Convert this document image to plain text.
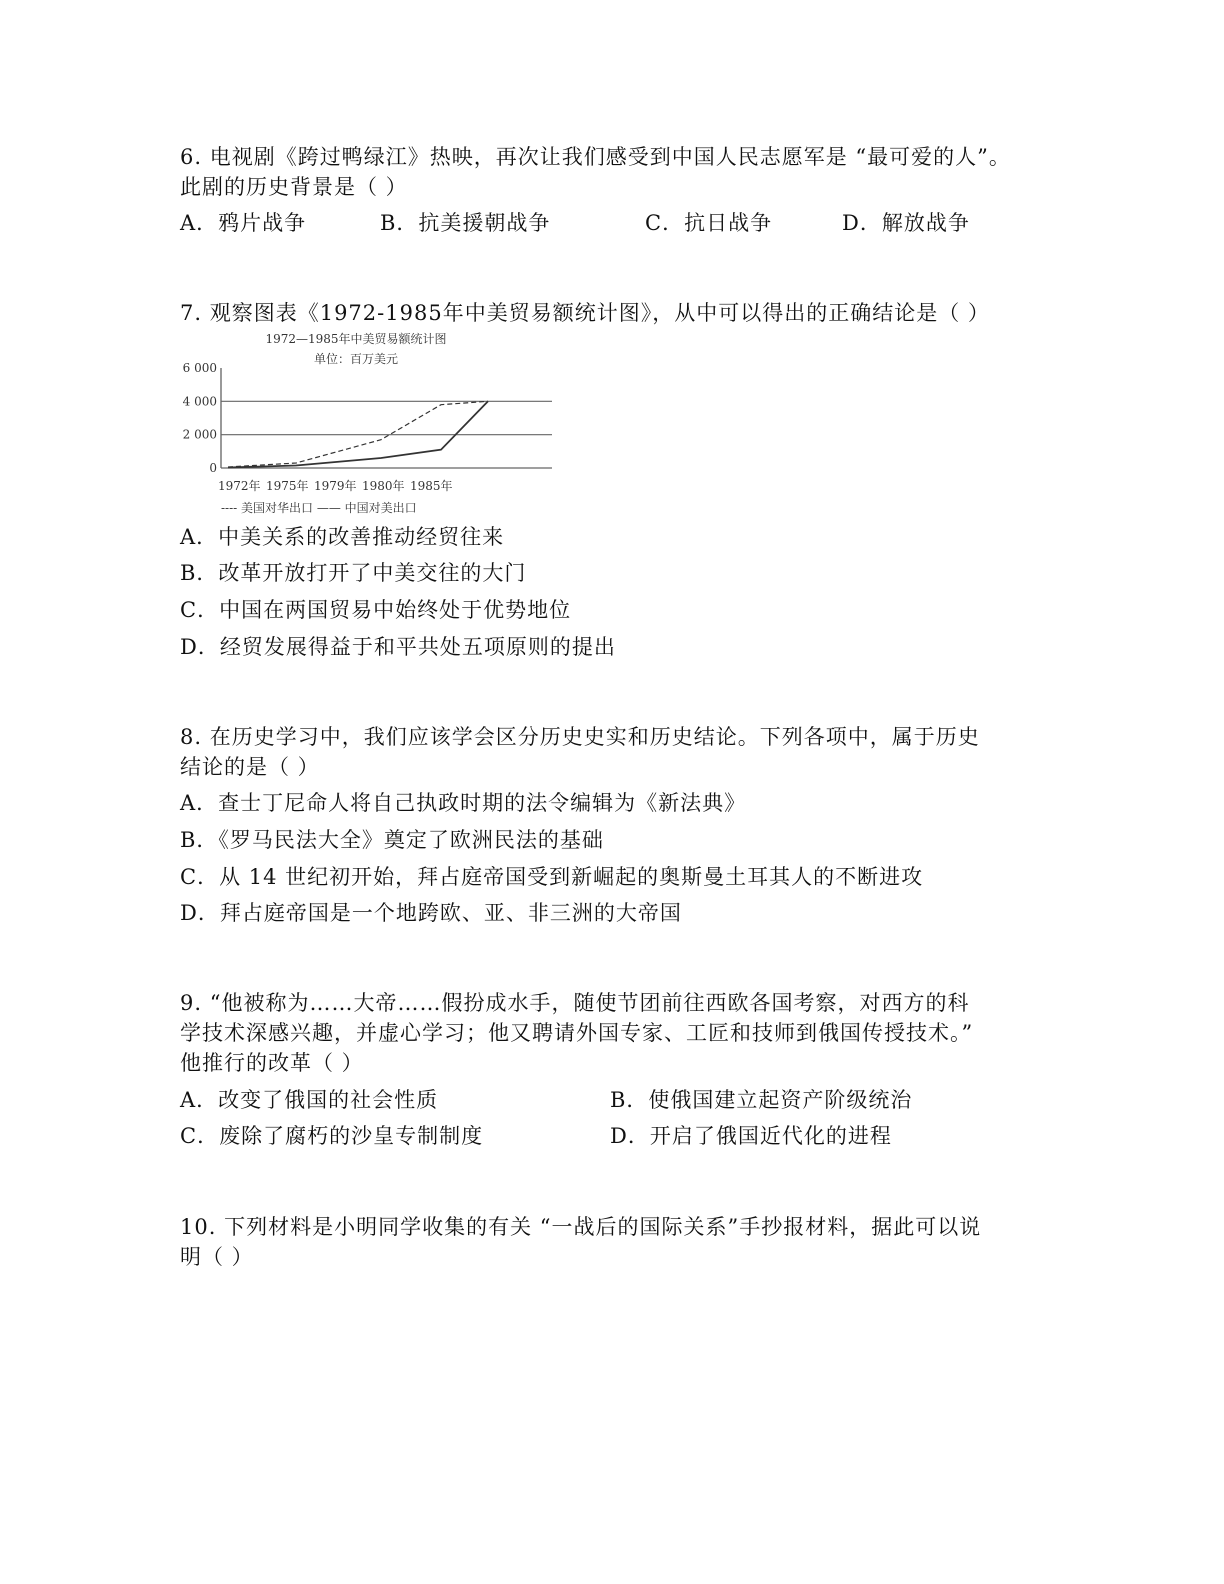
6. 电视剧《跨过鸭绿江》热映，再次让我们感受到中国人民志愿军是 “最可爱的人”。
此剧的历史背景是（ ）
A．鸦片战争	B．抗美援朝战争	C．抗日战争	D．解放战争
7. 观察图表《1972-1985年中美贸易额统计图》，从中可以得出的正确结论是（ ）
1972—1985年中美贸易额统计图
单位：百万美元
6 000
4 000
2 000
0
1972年 1975年 1979年 1980年 1985年
---- 美国对华出口 —— 中国对美出口
A．中美关系的改善推动经贸往来
B．改革开放打开了中美交往的大门
C．中国在两国贸易中始终处于优势地位
D．经贸发展得益于和平共处五项原则的提出
8. 在历史学习中，我们应该学会区分历史史实和历史结论。下列各项中，属于历史
结论的是（ ）
A．查士丁尼命人将自己执政时期的法令编辑为《新法典》
B．《罗马民法大全》奠定了欧洲民法的基础
C．从 14 世纪初开始，拜占庭帝国受到新崛起的奥斯曼土耳其人的不断进攻
D．拜占庭帝国是一个地跨欧、亚、非三洲的大帝国
9. “他被称为……大帝……假扮成水手，随使节团前往西欧各国考察，对西方的科
学技术深感兴趣，并虚心学习；他又聘请外国专家、工匠和技师到俄国传授技术。”
他推行的改革（ ）
A．改变了俄国的社会性质	B．使俄国建立起资产阶级统治
C．废除了腐朽的沙皇专制制度	D．开启了俄国近代化的进程
10. 下列材料是小明同学收集的有关 “一战后的国际关系”手抄报材料，据此可以说
明（ ）
